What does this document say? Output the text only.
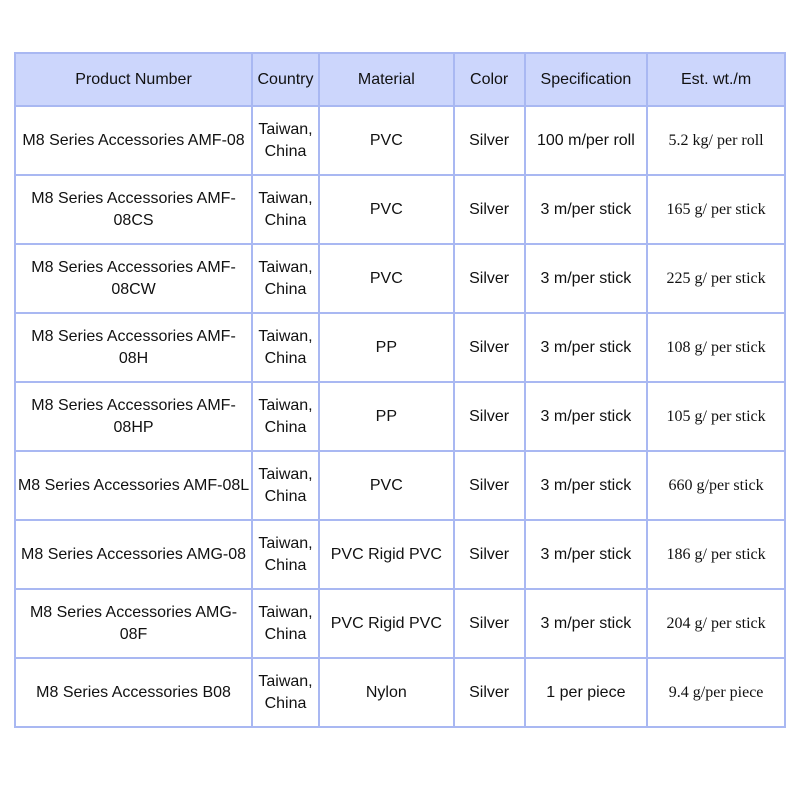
Product Number	Country	Material	Color	Specification	Est. wt./m
M8 Series Accessories AMF-08	Taiwan, China	PVC	Silver	100 m/per roll	5.2 kg/ per roll
M8 Series Accessories AMF-08CS	Taiwan, China	PVC	Silver	3 m/per stick	165 g/ per stick
M8 Series Accessories AMF-08CW	Taiwan, China	PVC	Silver	3 m/per stick	225 g/ per stick
M8 Series Accessories AMF-08H	Taiwan, China	PP	Silver	3 m/per stick	108 g/ per stick
M8 Series Accessories AMF-08HP	Taiwan, China	PP	Silver	3 m/per stick	105 g/ per stick
M8 Series Accessories AMF-08L	Taiwan, China	PVC	Silver	3 m/per stick	660 g/per stick
M8 Series Accessories AMG-08	Taiwan, China	PVC Rigid PVC	Silver	3 m/per stick	186 g/ per stick
M8 Series Accessories AMG-08F	Taiwan, China	PVC Rigid PVC	Silver	3 m/per stick	204 g/ per stick
M8 Series Accessories B08	Taiwan, China	Nylon	Silver	1 per piece	9.4 g/per piece
